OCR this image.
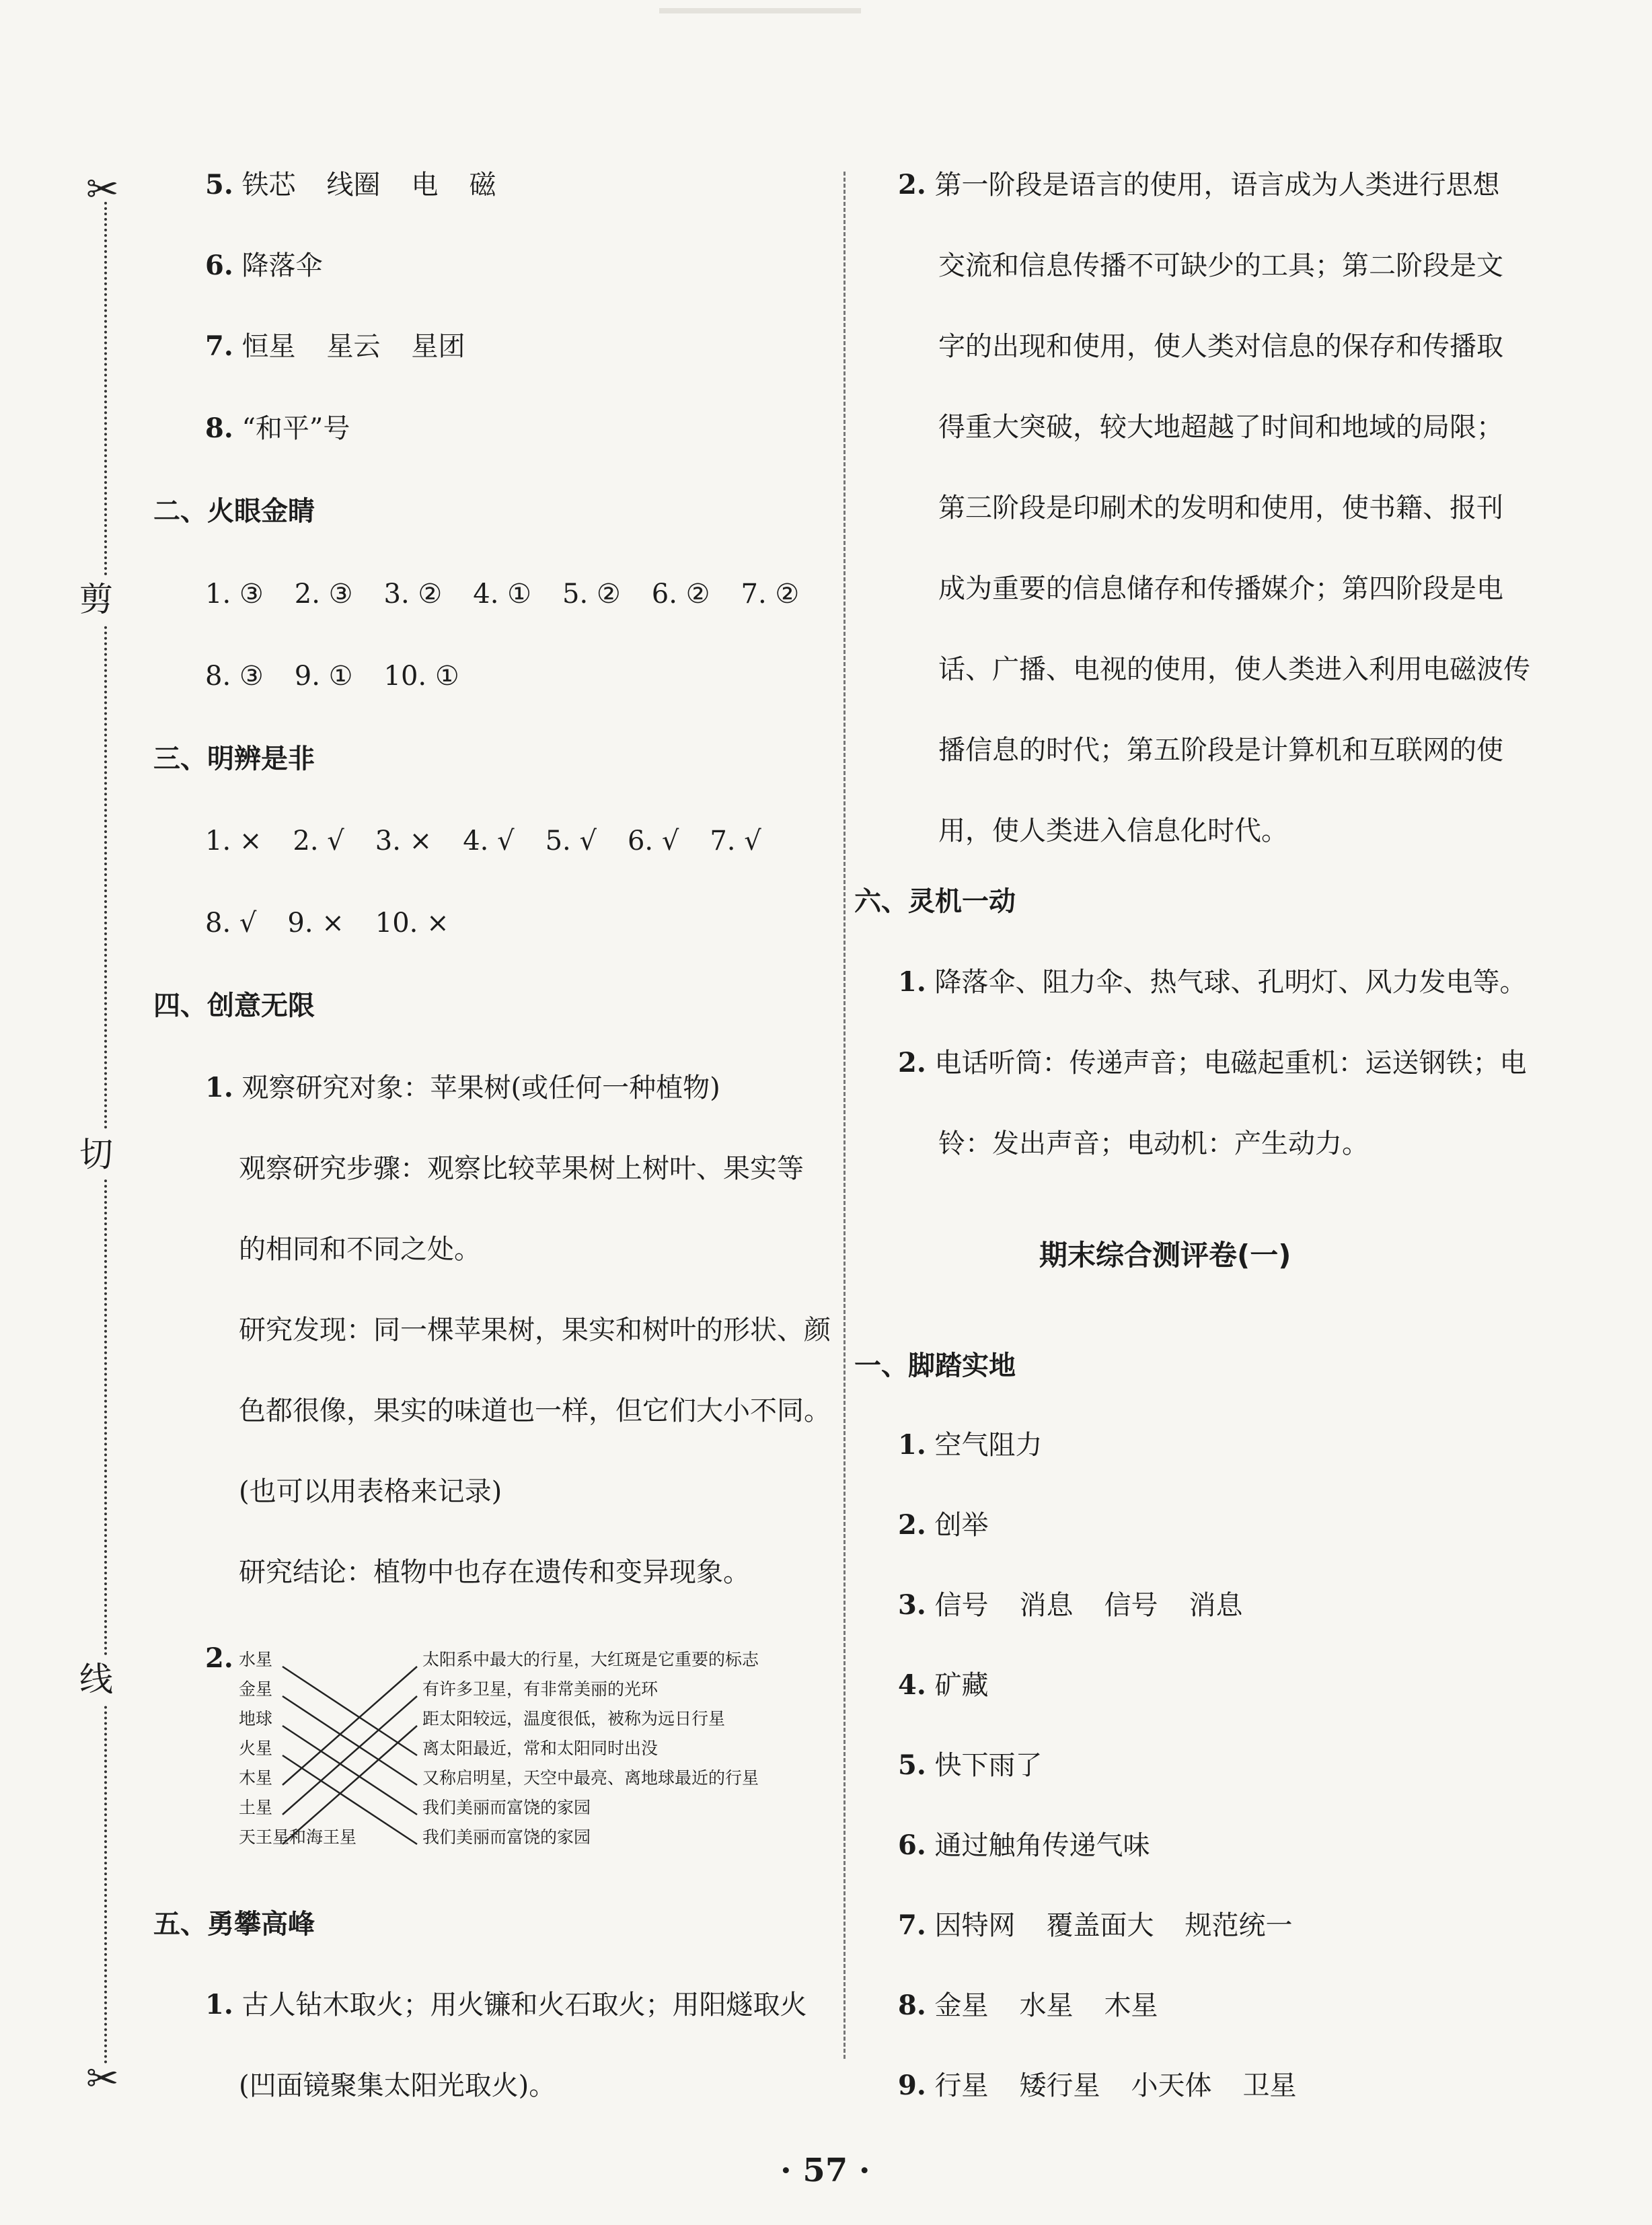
✂
✂
剪
切
线
5. 铁芯 线圈 电 磁
6. 降落伞
7. 恒星 星云 星团
8. “和平”号
二、火眼金睛
1. ③ 2. ③ 3. ② 4. ① 5. ② 6. ② 7. ②
8. ③ 9. ① 10. ①
三、明辨是非
1. × 2. √ 3. × 4. √ 5. √ 6. √ 7. √
8. √ 9. × 10. ×
四、创意无限
1. 观察研究对象：苹果树(或任何一种植物)
观察研究步骤：观察比较苹果树上树叶、果实等
的相同和不同之处。
研究发现：同一棵苹果树，果实和树叶的形状、颜
色都很像，果实的味道也一样，但它们大小不同。
(也可以用表格来记录)
研究结论：植物中也存在遗传和变异现象。
2. 水星
金星
地球
火星
木星
土星
天王星和海王星
太阳系中最大的行星，大红斑是它重要的标志
有许多卫星，有非常美丽的光环
距太阳较远，温度很低，被称为远日行星
离太阳最近，常和太阳同时出没
又称启明星，天空中最亮、离地球最近的行星
我们美丽而富饶的家园
我们美丽而富饶的家园
五、勇攀高峰
1. 古人钻木取火；用火镰和火石取火；用阳燧取火
(凹面镜聚集太阳光取火)。
2. 第一阶段是语言的使用，语言成为人类进行思想
交流和信息传播不可缺少的工具；第二阶段是文
字的出现和使用，使人类对信息的保存和传播取
得重大突破，较大地超越了时间和地域的局限；
第三阶段是印刷术的发明和使用，使书籍、报刊
成为重要的信息储存和传播媒介；第四阶段是电
话、广播、电视的使用，使人类进入利用电磁波传
播信息的时代；第五阶段是计算机和互联网的使
用，使人类进入信息化时代。
六、灵机一动
1. 降落伞、阻力伞、热气球、孔明灯、风力发电等。
2. 电话听筒：传递声音；电磁起重机：运送钢铁；电
铃：发出声音；电动机：产生动力。
期末综合测评卷(一)
一、脚踏实地
1. 空气阻力
2. 创举
3. 信号 消息 信号 消息
4. 矿藏
5. 快下雨了
6. 通过触角传递气味
7. 因特网 覆盖面大 规范统一
8. 金星 水星 木星
9. 行星 矮行星 小天体 卫星
· 57 ·
